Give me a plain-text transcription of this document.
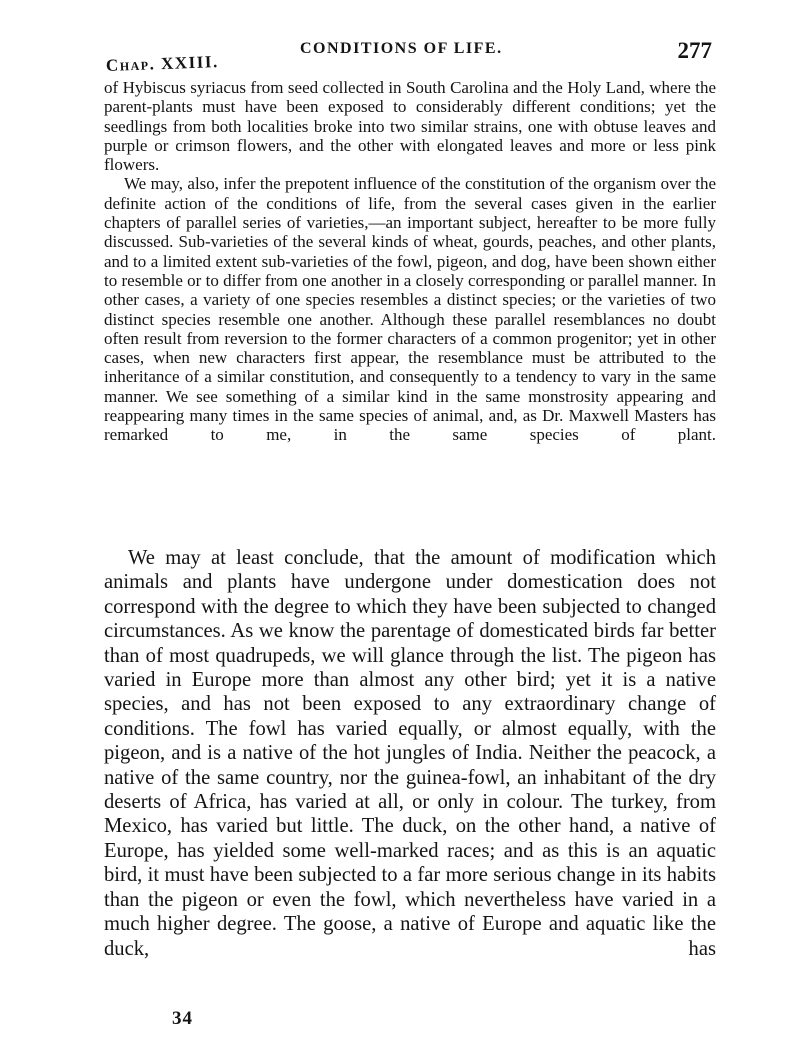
Chap. XXIII.
CONDITIONS OF LIFE.	277

of Hybiscus syriacus from seed collected in South Carolina and the Holy Land, where the parent-plants must have been exposed to considerably different conditions; yet the seedlings from both localities broke into two similar strains, one with obtuse leaves and purple or crimson flowers, and the other with elongated leaves and more or less pink flowers.

We may, also, infer the prepotent influence of the constitution of the organism over the definite action of the conditions of life, from the several cases given in the earlier chapters of parallel series of varieties,—an important subject, hereafter to be more fully discussed. Sub-varieties of the several kinds of wheat, gourds, peaches, and other plants, and to a limited extent sub-varieties of the fowl, pigeon, and dog, have been shown either to resemble or to differ from one another in a closely corresponding or parallel manner. In other cases, a variety of one species resembles a distinct species; or the varieties of two distinct species resemble one another. Although these parallel resemblances no doubt often result from reversion to the former characters of a common progenitor; yet in other cases, when new characters first appear, the resemblance must be attributed to the inheritance of a similar constitution, and consequently to a tendency to vary in the same manner. We see something of a similar kind in the same monstrosity appearing and reappearing many times in the same species of animal, and, as Dr. Maxwell Masters has remarked to me, in the same species of plant.

We may at least conclude, that the amount of modification which animals and plants have undergone under domestication does not correspond with the degree to which they have been subjected to changed circumstances. As we know the parentage of domesticated birds far better than of most quadrupeds, we will glance through the list. The pigeon has varied in Europe more than almost any other bird; yet it is a native species, and has not been exposed to any extraordinary change of conditions. The fowl has varied equally, or almost equally, with the pigeon, and is a native of the hot jungles of India. Neither the peacock, a native of the same country, nor the guinea-fowl, an inhabitant of the dry deserts of Africa, has varied at all, or only in colour. The turkey, from Mexico, has varied but little. The duck, on the other hand, a native of Europe, has yielded some well-marked races; and as this is an aquatic bird, it must have been subjected to a far more serious change in its habits than the pigeon or even the fowl, which nevertheless have varied in a much higher degree. The goose, a native of Europe and aquatic like the duck, has

34
